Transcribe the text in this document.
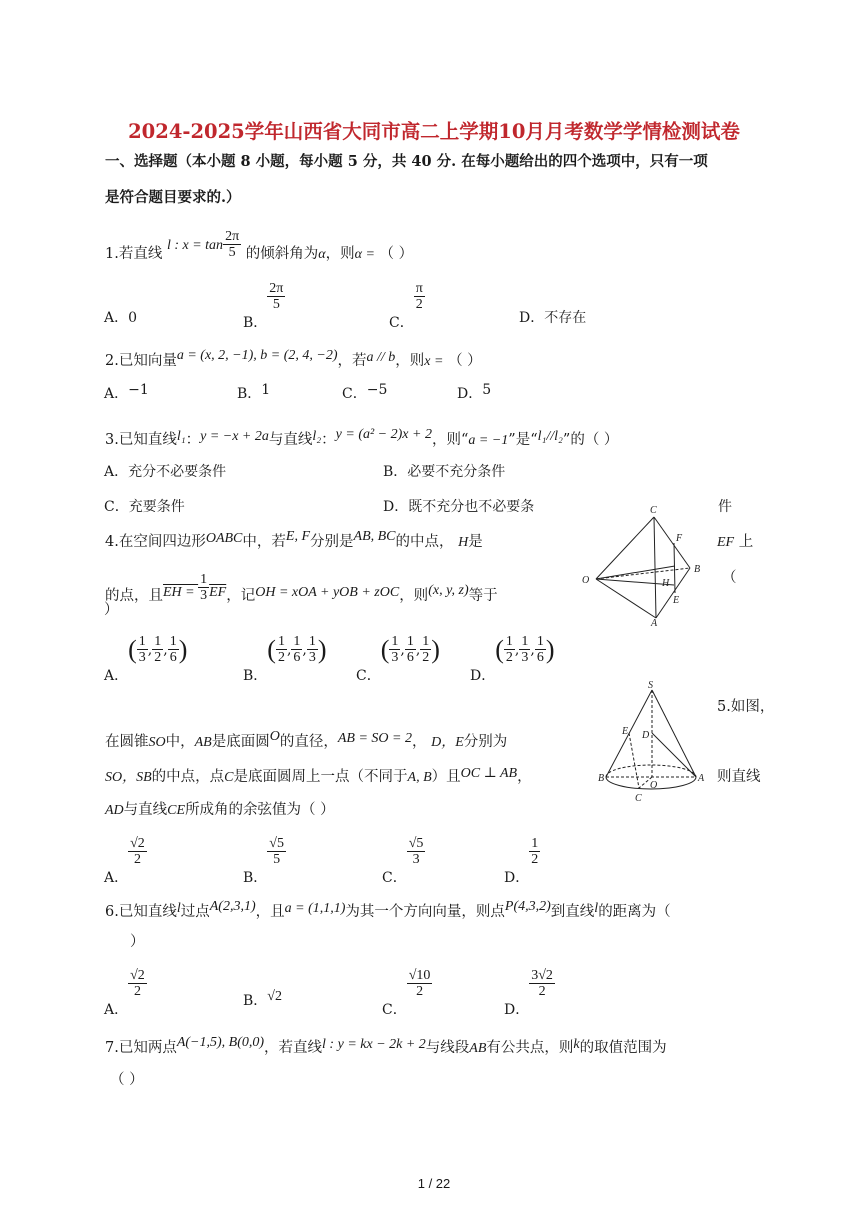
2024-2025学年山西省大同市高二上学期10月月考数学学情检测试卷
一、选择题（本小题 8 小题，每小题 5 分，共 40 分. 在每小题给出的四个选项中，只有一项
是符合题目要求的.）
1.若直线 l : $x = \tan \frac{2\pi}{5}$ 的倾斜角为α，则α = （ ）
A．0	B．
$\frac{2\pi}{5}$
C．
$\frac{\pi}{2}$
D．不存在
2.已知向量a = (x, 2, −1), b = (2, 4, −2)，若a // b，则x = （ ）
A．−1	B．1	C．−5	D．5
3.已知直线l₁：y = −x + 2a与直线l₂：y = (a² − 2)x + 2，则“a = −1”是“l₁//l₂”的（ ）
A．充分不必要条件	B．必要不充分条件
C．充要条件	D．既不充分也不必要条	件
4.在空间四边形OABC中，若E, F分别是AB, BC的中点， H是	EF 上
（
的点，且EH = $\frac{1}{3} \overline{EF}$，记OH = xOA + yOB + zOC，则(x, y, z)等于
）
A．( $\frac{1}{3}$ , $\frac{1}{2}$ , $\frac{1}{6}$ )
B．( $\frac{1}{2}$ , $\frac{1}{6}$ , $\frac{1}{3}$ )
C．( $\frac{1}{3}$ , $\frac{1}{6}$ , $\frac{1}{2}$ )
D．( $\frac{1}{2}$ , $\frac{1}{3}$ , $\frac{1}{6}$ )
C
F
O	H
B
E
A
5.如图，
在圆锥SO中，AB是底面圆O的直径，AB = SO = 2， D，E分别为
SO，SB的中点，点C是底面圆周上一点（不同于A, B）且OC ⊥ AB，	则直线
AD与直线CE所成角的余弦值为（ ）
S
E D
B
O
A
C
A．
$\frac{√2}{2}$
B．
$\frac{√5}{5}$
C．
$\frac{√5}{3}$
D．
$\frac{1}{2}$
6.已知直线l过点A(2,3,1)，且a = (1,1,1)为其一个方向向量，则点P(4,3,2)到直线l的距离为（
）
A．
$\frac{√2}{2}$
B．√2
C．
$\frac{√10}{2}$
D．
$\frac{3√2}{2}$
7.已知两点A(−1,5), B(0,0)，若直线l : y = kx − 2k + 2与线段AB有公共点，则k的取值范围为
（ ）
1 / 22
